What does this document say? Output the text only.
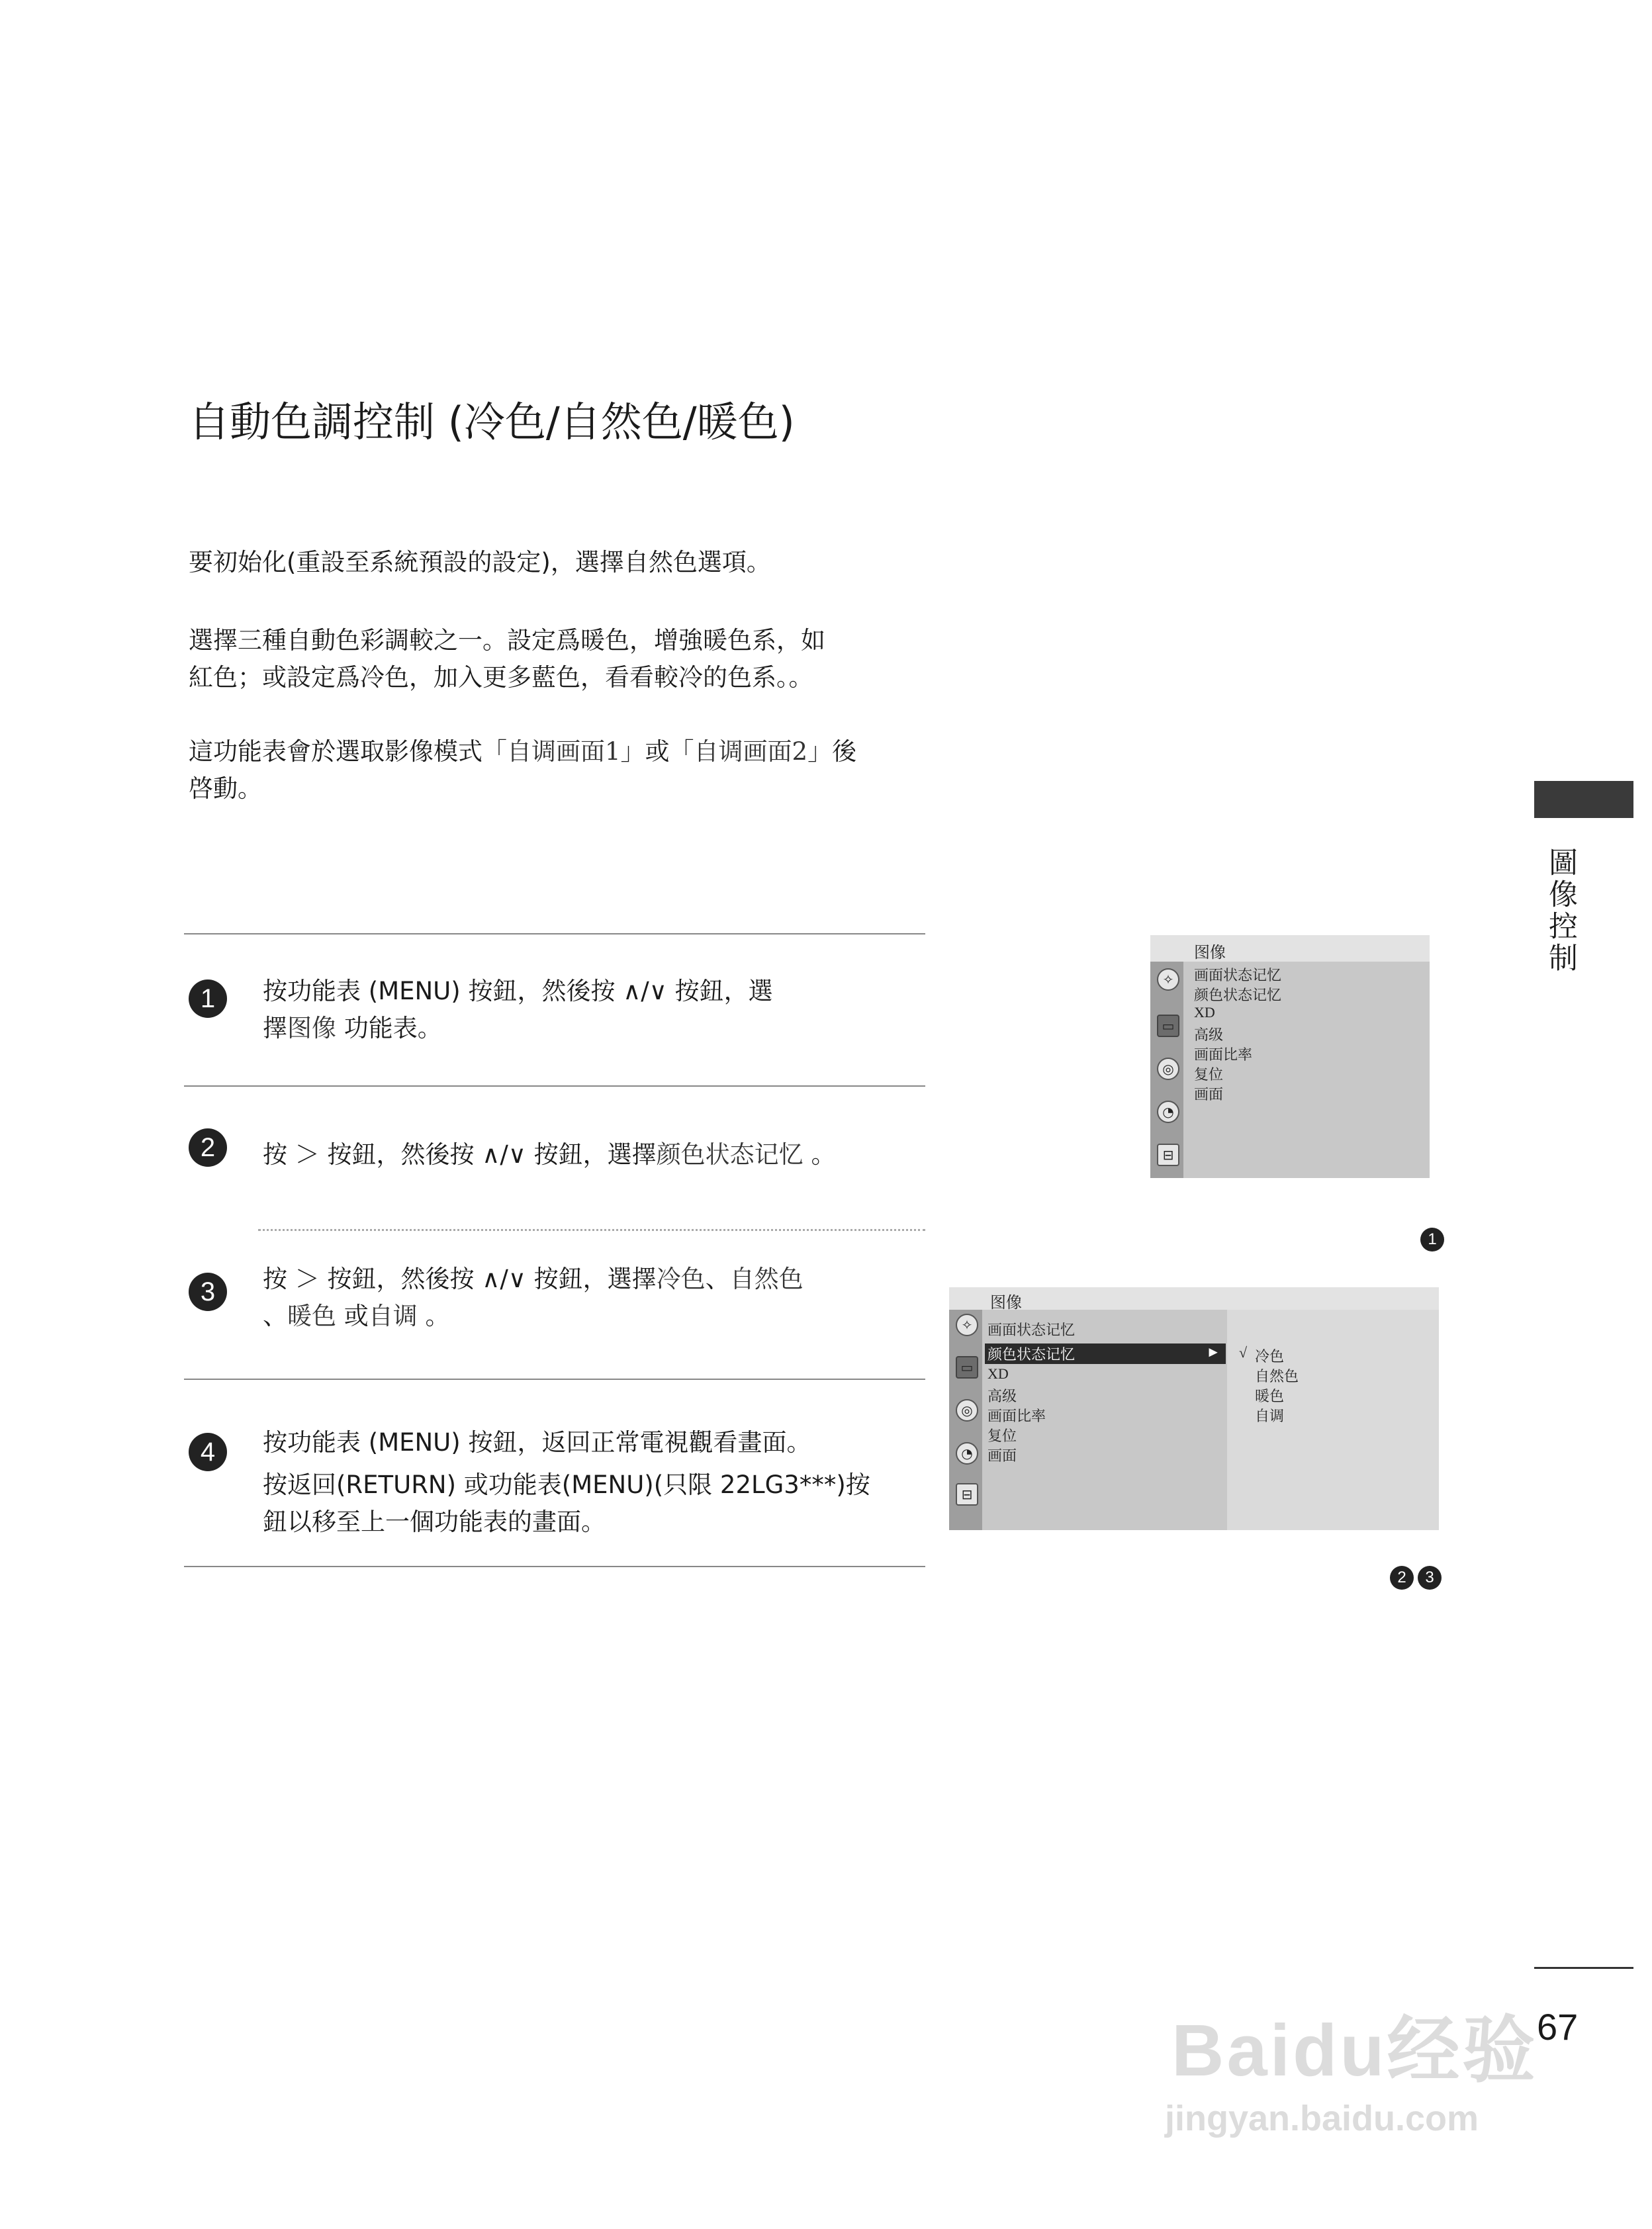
自動色調控制 (冷色/自然色/暖色)
要初始化(重設至系統預設的設定)，選擇自然色選項。
選擇三種自動色彩調較之一。設定爲暖色，增強暖色系，如
紅色；或設定爲冷色，加入更多藍色，看看較冷的色系。。
這功能表會於選取影像模式「自调画面1」或「自调画面2」後
啓動。
1	按功能表 (MENU) 按鈕，然後按 ∧/∨ 按鈕，選
擇图像 功能表。
2	按 ＞ 按鈕，然後按 ∧/∨ 按鈕，選擇颜色状态记忆 。
3	按 ＞ 按鈕，然後按 ∧/∨ 按鈕，選擇冷色、自然色
、暖色 或自调 。
4	按功能表 (MENU) 按鈕，返回正常電視觀看畫面。
按返回(RETURN) 或功能表(MENU)(只限 22LG3***)按
鈕以移至上一個功能表的畫面。
图像
✧
▭
◎
◔
⊟
画面状态记忆
颜色状态记忆
XD
高级
画面比率
复位
画面
1
图像
✧
▭
◎
◔
⊟
画面状态记忆
颜色状态记忆	►
XD
高级
画面比率
复位
画面
√ 冷色
自然色
暖色
自调
2 3
圖像控制
67
Baidu经验
jingyan.baidu.com
